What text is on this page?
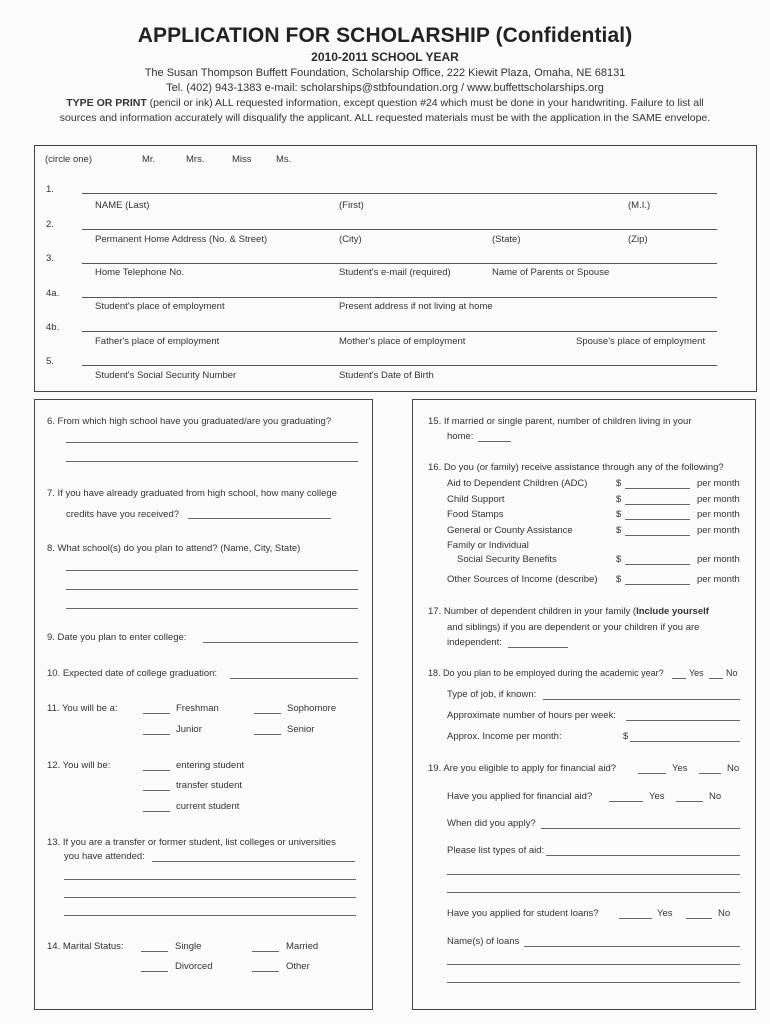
APPLICATION FOR SCHOLARSHIP (Confidential)
2010-2011 SCHOOL YEAR
The Susan Thompson Buffett Foundation, Scholarship Office, 222 Kiewit Plaza, Omaha, NE 68131
Tel. (402) 943-1383 e-mail: scholarships@stbfoundation.org / www.buffettscholarships.org
TYPE OR PRINT (pencil or ink) ALL requested information, except question #24 which must be done in your handwriting. Failure to list all
sources and information accurately will disqualify the applicant. ALL requested materials must be with the application in the SAME envelope.
(circle one)	Mr.	Mrs.	Miss	Ms.
1.
NAME (Last)	(First)	(M.I.)
2.
Permanent Home Address (No. & Street)	(City)	(State)	(Zip)
3.
Home Telephone No.	Student's e-mail (required)	Name of Parents or Spouse
4a.
Student's place of employment	Present address if not living at home
4b.
Father's place of employment	Mother's place of employment	Spouse's place of employment
5.
Student's Social Security Number	Student's Date of Birth
6. From which high school have you graduated/are you graduating?
7. If you have already graduated from high school, how many college
credits have you received?
8. What school(s) do you plan to attend? (Name, City, State)
9. Date you plan to enter college:
10. Expected date of college graduation:
11. You will be a:	Freshman	Sophomore
Junior	Senior
12. You will be:	entering student
transfer student
current student
13. If you are a transfer or former student, list colleges or universities
you have attended:
14. Marital Status:	Single	Married
Divorced	Other
15. If married or single parent, number of children living in your
home:
16. Do you (or family) receive assistance through any of the following?
Aid to Dependent Children (ADC)	$	per month
Child Support	$	per month
Food Stamps	$	per month
General or County Assistance	$	per month
Family or Individual
Social Security Benefits	$	per month
Other Sources of Income (describe) $	per month
17. Number of dependent children in your family (Include yourself
and siblings) if you are dependent or your children if you are
independent:
18. Do you plan to be employed during the academic year?	Yes No
Type of job, if known:
Approximate number of hours per week:
Approx. Income per month:	$
19. Are you eligible to apply for financial aid?	Yes	No
Have you applied for financial aid?	Yes	No
When did you apply?
Please list types of aid:
Have you applied for student loans?	Yes	No
Name(s) of loans
